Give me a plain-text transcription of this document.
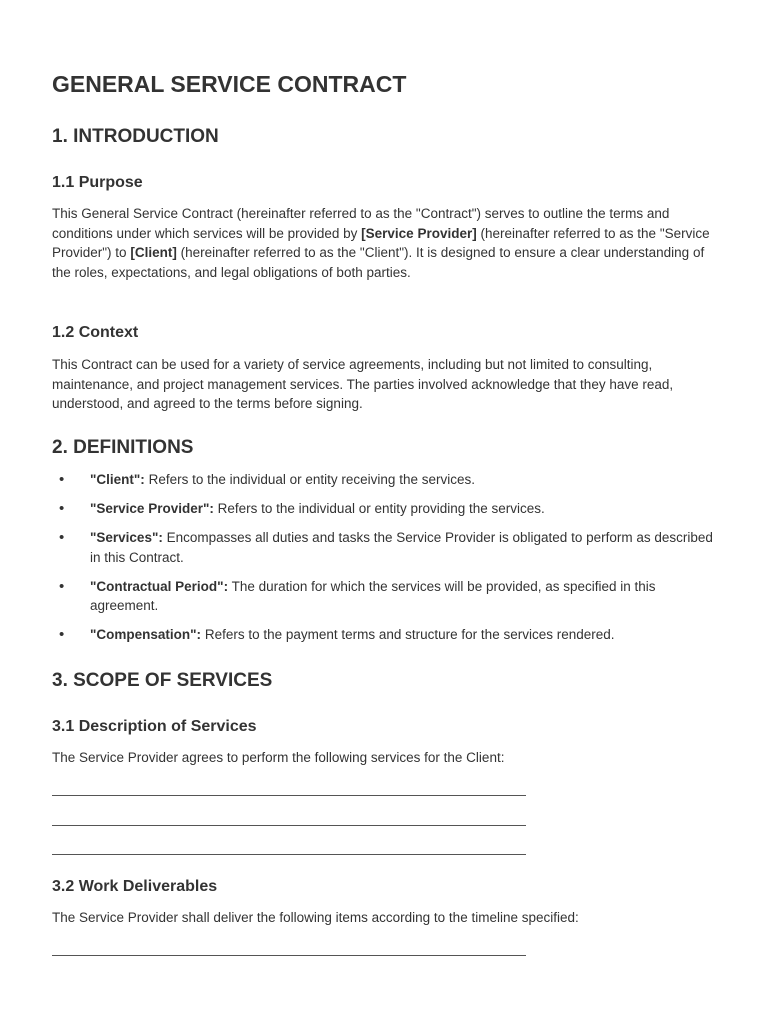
GENERAL SERVICE CONTRACT
1. INTRODUCTION
1.1 Purpose

This General Service Contract (hereinafter referred to as the "Contract") serves to outline the terms and conditions under which services will be provided by [Service Provider] (hereinafter referred to as the "Service Provider") to [Client] (hereinafter referred to as the "Client"). It is designed to ensure a clear understanding of the roles, expectations, and legal obligations of both parties.

1.2 Context

This Contract can be used for a variety of service agreements, including but not limited to consulting, maintenance, and project management services. The parties involved acknowledge that they have read, understood, and agreed to the terms before signing.

2. DEFINITIONS
• "Client": Refers to the individual or entity receiving the services.
• "Service Provider": Refers to the individual or entity providing the services.
• "Services": Encompasses all duties and tasks the Service Provider is obligated to perform as described in this Contract.
• "Contractual Period": The duration for which the services will be provided, as specified in this agreement.
• "Compensation": Refers to the payment terms and structure for the services rendered.
3. SCOPE OF SERVICES
3.1 Description of Services

The Service Provider agrees to perform the following services for the Client:

3.2 Work Deliverables

The Service Provider shall deliver the following items according to the timeline specified:
